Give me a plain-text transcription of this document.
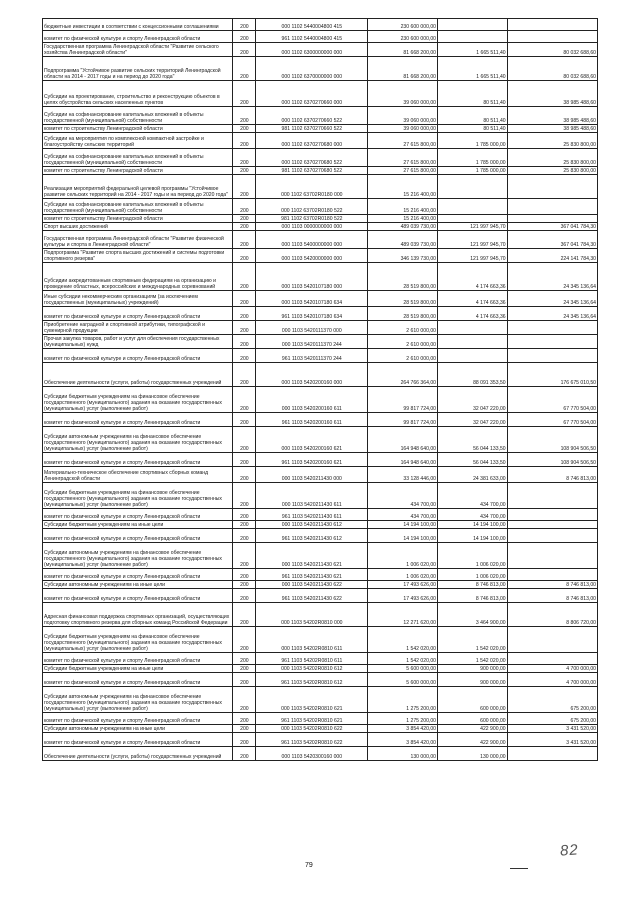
бюджетные инвестиции в соответствии с концессионными соглашениями	200	000 1102 5440004800 415	230 600 000,00		
комитет по физической культуре и спорту Ленинградской области	200	961 1102 5440004800 415	230 600 000,00		
Государственная программа Ленинградской области "Развитие сельского хозяйства Ленинградской области"	200	000 1102 6300000000 000	81 668 200,00	1 665 511,40	80 032 688,60
Подпрограмма "Устойчивое развитие сельских территорий Ленинградской области на 2014 - 2017 годы и на период до 2020 года"	200	000 1102 6370000000 000	81 668 200,00	1 665 511,40	80 032 688,60
Субсидии на проектирование, строительство и реконструкцию объектов в целях обустройства сельских населенных пунктов	200	000 1102 6370270660 000	39 060 000,00	80 511,40	38 985 488,60
Субсидии на софинансирование капитальных вложений в объекты государственной (муниципальной) собственности	200	000 1102 6370270660 522	39 060 000,00	80 511,40	38 985 488,60
комитет по строительству Ленинградской области	200	981 1102 6370270660 522	39 060 000,00	80 511,40	38 985 488,60
Субсидии на мероприятия по комплексной компактной застройке и благоустройству сельских территорий	200	000 1102 6370270680 000	27 615 800,00	1 785 000,00	25 830 800,00
Субсидии на софинансирование капитальных вложений в объекты государственной (муниципальной) собственности	200	000 1102 6370270680 522	27 615 800,00	1 785 000,00	25 830 800,00
комитет по строительству Ленинградской области	200	981 1102 6370270680 522	27 615 800,00	1 785 000,00	25 830 800,00
Реализация мероприятий федеральной целевой программы "Устойчивое развитие сельских территорий на 2014 - 2017 годы и на период до 2020 года"	200	000 1102 63702R0180 000	15 216 400,00		
Субсидии на софинансирование капитальных вложений в объекты государственной (муниципальной) собственности	200	000 1102 63702R0180 522	15 216 400,00		
комитет по строительству Ленинградской области	200	981 1102 63702R0180 522	15 216 400,00		
Спорт высших достижений	200	000 1103 0000000000 000	489 039 730,00	121 997 945,70	367 041 784,30
Государственная программа Ленинградской области "Развитие физической культуры и спорта в Ленинградской области"	200	000 1103 5400000000 000	489 039 730,00	121 997 945,70	367 041 784,30
Подпрограмма "Развитие спорта высших достижений и системы подготовки спортивного резерва"	200	000 1103 5420000000 000	346 139 730,00	121 997 945,70	224 141 784,30
Субсидии аккредитованным спортивным федерациям на организацию и проведение областных, всероссийских и международных соревнований	200	000 1103 5420107180 000	28 519 800,00	4 174 663,36	24 345 136,64
Иные субсидии некоммерческим организациям (за исключением государственных (муниципальных) учреждений)	200	000 1103 5420107180 634	28 519 800,00	4 174 663,36	24 345 136,64
комитет по физической культуре и спорту Ленинградской области	200	961 1103 5420107180 634	28 519 800,00	4 174 663,36	24 345 136,64
Приобретение наградной и спортивной атрибутики, типографской и сувенирной продукции	200	000 1103 5420111370 000	2 610 000,00		
Прочая закупка товаров, работ и услуг для обеспечения государственных (муниципальных) нужд	200	000 1103 5420111370 244	2 610 000,00		
комитет по физической культуре и спорту Ленинградской области	200	961 1103 5420111370 244	2 610 000,00		
Обеспечение деятельности (услуги, работы) государственных учреждений	200	000 1103 5420200160 000	264 766 364,00	88 091 353,50	176 675 010,50
Субсидии бюджетным учреждениям на финансовое обеспечение государственного (муниципального) задания на оказание государственных (муниципальных) услуг (выполнение работ)	200	000 1103 5420200160 611	99 817 724,00	32 047 220,00	67 770 504,00
комитет по физической культуре и спорту Ленинградской области	200	961 1103 5420200160 611	99 817 724,00	32 047 220,00	67 770 504,00
Субсидии автономным учреждениям на финансовое обеспечение государственного (муниципального) задания на оказание государственных (муниципальных) услуг (выполнение работ)	200	000 1103 5420200160 621	164 948 640,00	56 044 133,50	108 904 506,50
комитет по физической культуре и спорту Ленинградской области	200	961 1103 5420200160 621	164 948 640,00	56 044 133,50	108 904 506,50
Материально-техническое обеспечение спортивных сборных команд Ленинградской области	200	000 1103 5420211430 000	33 128 446,00	24 381 633,00	8 746 813,00
Субсидии бюджетным учреждениям на финансовое обеспечение государственного (муниципального) задания на оказание государственных (муниципальных) услуг (выполнение работ)	200	000 1103 5420211430 611	434 700,00	434 700,00	
комитет по физической культуре и спорту Ленинградской области	200	961 1103 5420211430 611	434 700,00	434 700,00	
Субсидии бюджетным учреждениям на иные цели	200	000 1103 5420211430 612	14 194 100,00	14 194 100,00	
комитет по физической культуре и спорту Ленинградской области	200	961 1103 5420211430 612	14 194 100,00	14 194 100,00	
Субсидии автономным учреждениям на финансовое обеспечение государственного (муниципального) задания на оказание государственных (муниципальных) услуг (выполнение работ)	200	000 1103 5420211430 621	1 006 020,00	1 006 020,00	
комитет по физической культуре и спорту Ленинградской области	200	961 1103 5420211430 621	1 006 020,00	1 006 020,00	
Субсидии автономным учреждениям на иные цели	200	000 1103 5420211430 622	17 493 626,00	8 746 813,00	8 746 813,00
комитет по физической культуре и спорту Ленинградской области	200	961 1103 5420211430 622	17 493 626,00	8 746 813,00	8 746 813,00
Адресная финансовая поддержка спортивных организаций, осуществляющих подготовку спортивного резерва для сборных команд Российской Федерации	200	000 1103 54202R0810 000	12 271 620,00	3 464 900,00	8 806 720,00
Субсидии бюджетным учреждениям на финансовое обеспечение государственного (муниципального) задания на оказание государственных (муниципальных) услуг (выполнение работ)	200	000 1103 54202R0810 611	1 542 020,00	1 542 020,00	
комитет по физической культуре и спорту Ленинградской области	200	961 1103 54202R0810 611	1 542 020,00	1 542 020,00	
Субсидии бюджетным учреждениям на иные цели	200	000 1103 54202R0810 612	5 600 000,00	900 000,00	4 700 000,00
комитет по физической культуре и спорту Ленинградской области	200	961 1103 54202R0810 612	5 600 000,00	900 000,00	4 700 000,00
Субсидии автономным учреждениям на финансовое обеспечение государственного (муниципального) задания на оказание государственных (муниципальных) услуг (выполнение работ)	200	000 1103 54202R0810 621	1 275 200,00	600 000,00	675 200,00
комитет по физической культуре и спорту Ленинградской области	200	961 1103 54202R0810 621	1 275 200,00	600 000,00	675 200,00
Субсидии автономным учреждениям на иные цели	200	000 1103 54202R0810 622	3 854 420,00	422 900,00	3 431 520,00
комитет по физической культуре и спорту Ленинградской области	200	961 1103 54202R0810 622	3 854 420,00	422 900,00	3 431 520,00
Обеспечение деятельности (услуги, работы) государственных учреждений	200	000 1103 5420300160 000	130 000,00	130 000,00	
79
82
